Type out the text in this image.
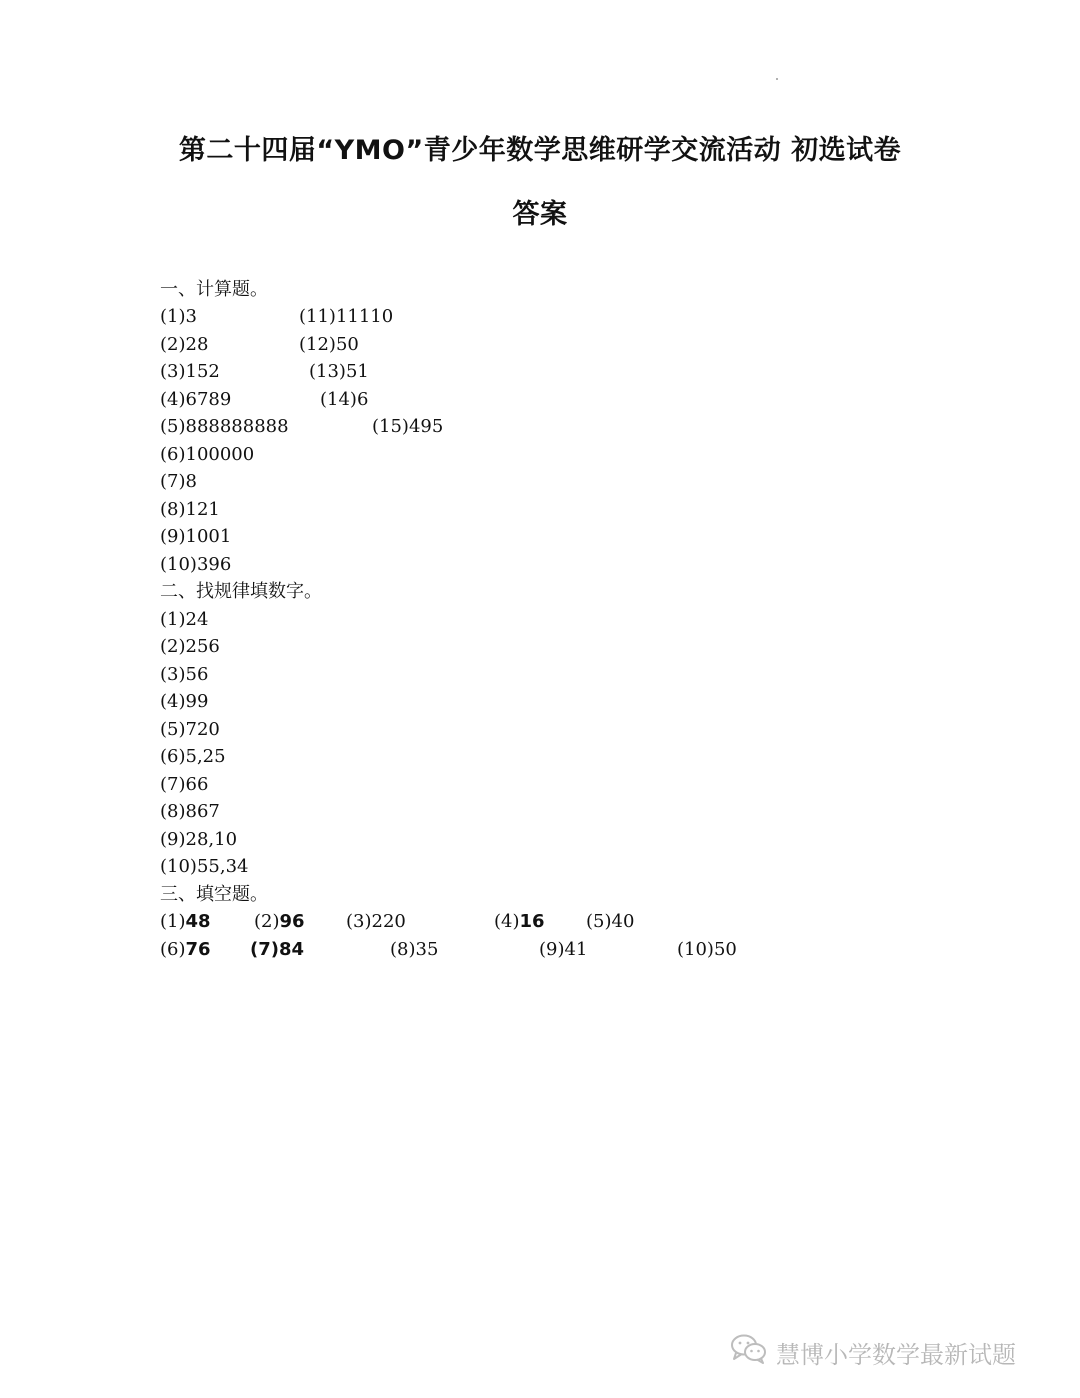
第二十四届“YMO”青少年数学思维研学交流活动 初选试卷
答案
一、计算题。
(1)3
(2)28
(3)152
(4)6789
(5)888888888
(6)100000
(7)8
(8)121
(9)1001
(10)396
(11)11110
(12)50
(13)51
(14)6
(15)495
二、找规律填数字。
(1)24
(2)256
(3)56
(4)99
(5)720
(6)5,25
(7)66
(8)867
(9)28,10
(10)55,34
三、填空题。
(1)48 (2)96 (3)220	(4)16 (5)40
(6)76 (7)84	(8)35	(9)41	(10)50
慧博小学数学最新试题
